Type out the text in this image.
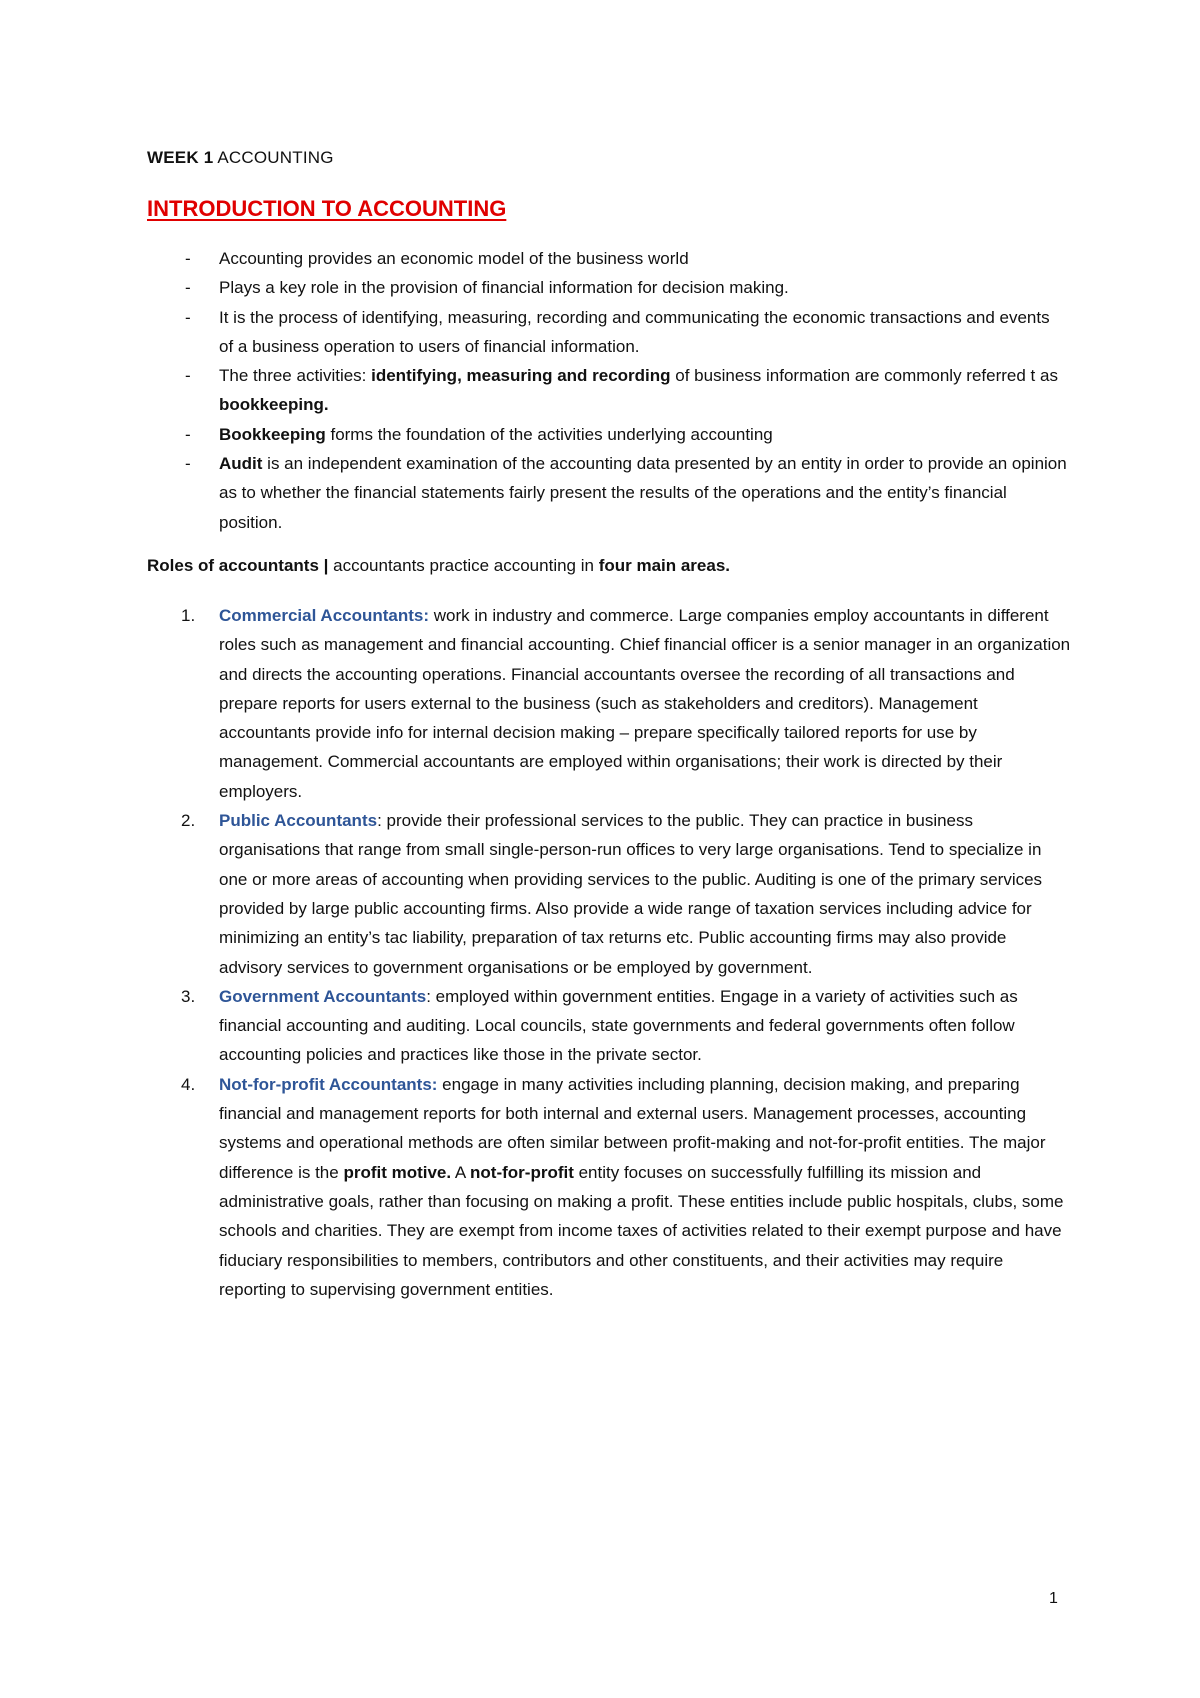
WEEK 1 ACCOUNTING
INTRODUCTION TO ACCOUNTING
- Accounting provides an economic model of the business world
- Plays a key role in the provision of financial information for decision making.
- It is the process of identifying, measuring, recording and communicating the economic transactions and events of a business operation to users of financial information.
- The three activities: identifying, measuring and recording of business information are commonly referred t as bookkeeping.
- Bookkeeping forms the foundation of the activities underlying accounting
- Audit is an independent examination of the accounting data presented by an entity in order to provide an opinion as to whether the financial statements fairly present the results of the operations and the entity’s financial position.
Roles of accountants | accountants practice accounting in four main areas.
1. Commercial Accountants: work in industry and commerce. Large companies employ accountants in different roles such as management and financial accounting. Chief financial officer is a senior manager in an organization and directs the accounting operations. Financial accountants oversee the recording of all transactions and prepare reports for users external to the business (such as stakeholders and creditors). Management accountants provide info for internal decision making – prepare specifically tailored reports for use by management. Commercial accountants are employed within organisations; their work is directed by their employers.
2. Public Accountants: provide their professional services to the public. They can practice in business organisations that range from small single-person-run offices to very large organisations. Tend to specialize in one or more areas of accounting when providing services to the public. Auditing is one of the primary services provided by large public accounting firms. Also provide a wide range of taxation services including advice for minimizing an entity’s tac liability, preparation of tax returns etc. Public accounting firms may also provide advisory services to government organisations or be employed by government.
3. Government Accountants: employed within government entities. Engage in a variety of activities such as financial accounting and auditing. Local councils, state governments and federal governments often follow accounting policies and practices like those in the private sector.
4. Not-for-profit Accountants: engage in many activities including planning, decision making, and preparing financial and management reports for both internal and external users. Management processes, accounting systems and operational methods are often similar between profit-making and not-for-profit entities. The major difference is the profit motive. A not-for-profit entity focuses on successfully fulfilling its mission and administrative goals, rather than focusing on making a profit. These entities include public hospitals, clubs, some schools and charities. They are exempt from income taxes of activities related to their exempt purpose and have fiduciary responsibilities to members, contributors and other constituents, and their activities may require reporting to supervising government entities.
1
